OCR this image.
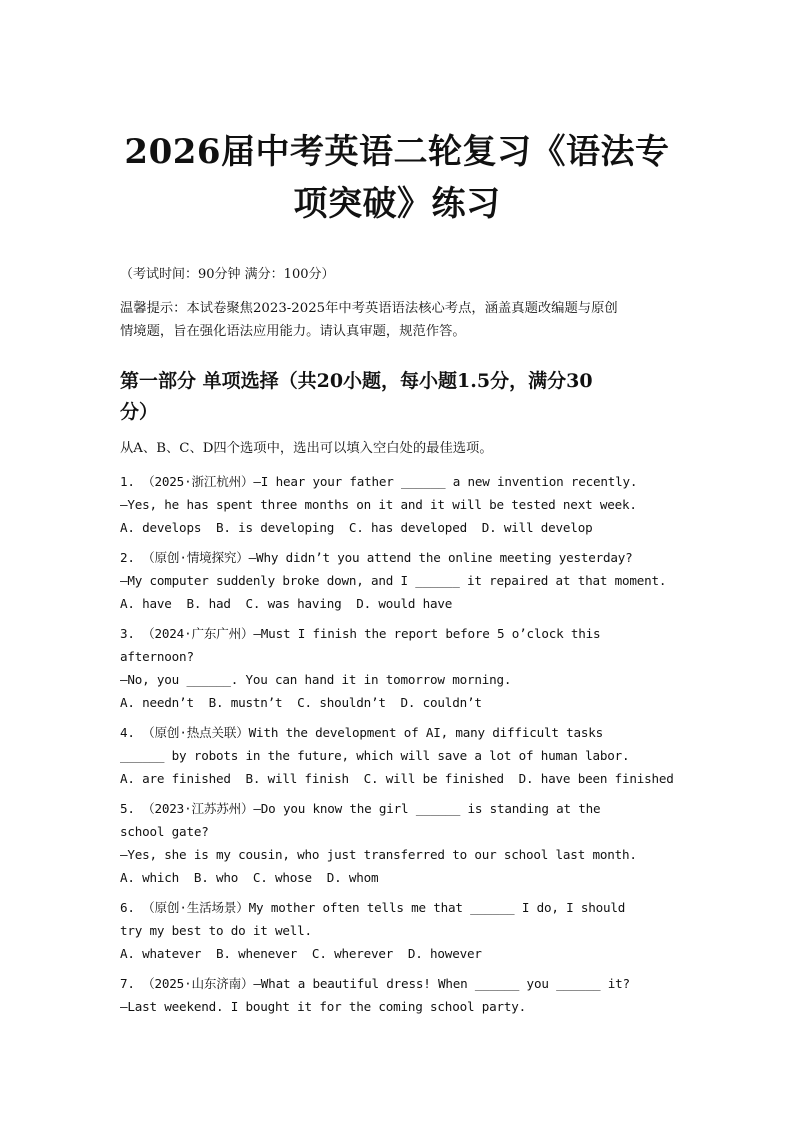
2026届中考英语二轮复习《语法专
项突破》练习
（考试时间：90分钟 满分：100分）
温馨提示：本试卷聚焦2023-2025年中考英语语法核心考点，涵盖真题改编题与原创
情境题，旨在强化语法应用能力。请认真审题，规范作答。
第一部分 单项选择（共20小题，每小题1.5分，满分30
分）
从A、B、C、D四个选项中，选出可以填入空白处的最佳选项。
1. （2025·浙江杭州）—I hear your father ______ a new invention recently.
—Yes, he has spent three months on it and it will be tested next week.
A. develops  B. is developing  C. has developed  D. will develop
2. （原创·情境探究）—Why didn’t you attend the online meeting yesterday?
—My computer suddenly broke down, and I ______ it repaired at that moment.
A. have  B. had  C. was having  D. would have
3. （2024·广东广州）—Must I finish the report before 5 o’clock this
afternoon?
—No, you ______. You can hand it in tomorrow morning.
A. needn’t  B. mustn’t  C. shouldn’t  D. couldn’t
4. （原创·热点关联）With the development of AI, many difficult tasks
______ by robots in the future, which will save a lot of human labor.
A. are finished  B. will finish  C. will be finished  D. have been finished
5. （2023·江苏苏州）—Do you know the girl ______ is standing at the
school gate?
—Yes, she is my cousin, who just transferred to our school last month.
A. which  B. who  C. whose  D. whom
6. （原创·生活场景）My mother often tells me that ______ I do, I should
try my best to do it well.
A. whatever  B. whenever  C. wherever  D. however
7. （2025·山东济南）—What a beautiful dress! When ______ you ______ it?
—Last weekend. I bought it for the coming school party.
